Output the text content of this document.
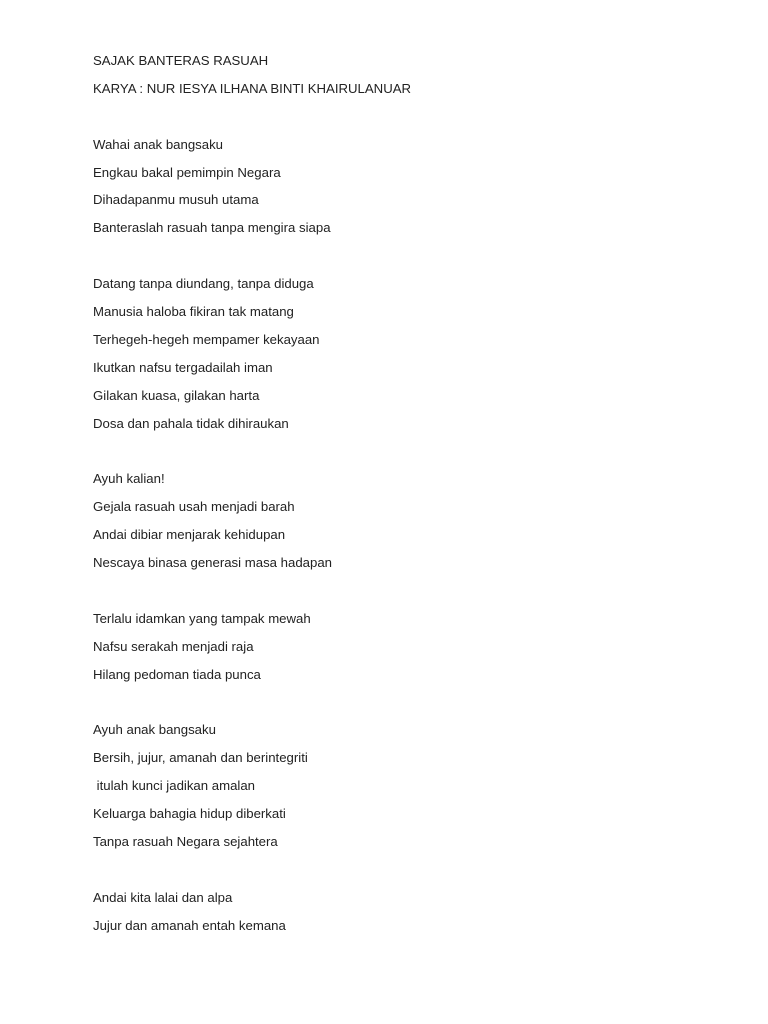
SAJAK BANTERAS RASUAH
KARYA : NUR IESYA ILHANA BINTI KHAIRULANUAR
Wahai anak bangsaku
Engkau bakal pemimpin Negara
Dihadapanmu musuh utama
Banteraslah rasuah tanpa mengira siapa
Datang tanpa diundang, tanpa diduga
Manusia haloba fikiran tak matang
Terhegeh-hegeh mempamer kekayaan
Ikutkan nafsu tergadailah iman
Gilakan kuasa, gilakan harta
Dosa dan pahala tidak dihiraukan
Ayuh kalian!
Gejala rasuah usah menjadi barah
Andai dibiar menjarak kehidupan
Nescaya binasa generasi masa hadapan
Terlalu idamkan yang tampak mewah
Nafsu serakah menjadi raja
Hilang pedoman tiada punca
Ayuh anak bangsaku
Bersih, jujur, amanah dan berintegriti
itulah kunci jadikan amalan
Keluarga bahagia hidup diberkati
Tanpa rasuah Negara sejahtera
Andai kita lalai dan alpa
Jujur dan amanah entah kemana
